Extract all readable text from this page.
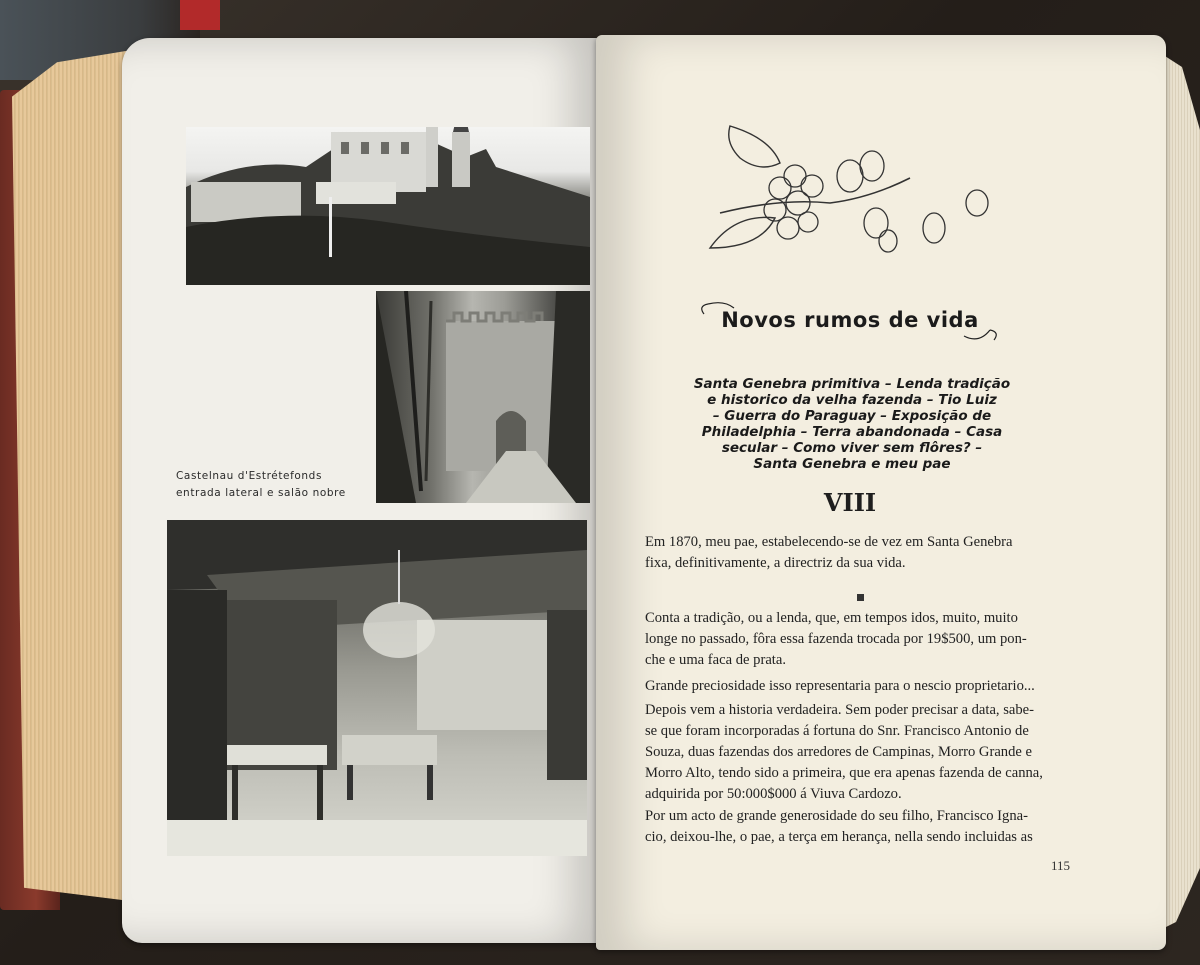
Castelnau d'Estrétefonds
entrada lateral e salão nobre
Novos rumos de vida
Santa Genebra primitiva – Lenda tradição
e historico da velha fazenda – Tio Luiz
– Guerra do Paraguay – Exposição de
Philadelphia – Terra abandonada – Casa
secular – Como viver sem flôres? –
Santa Genebra e meu pae
VIII
Em 1870, meu pae, estabelecendo-se de vez em Santa Genebra
fixa, definitivamente, a directriz da sua vida.
Conta a tradição, ou a lenda, que, em tempos idos, muito, muito
longe no passado, fôra essa fazenda trocada por 19$500, um pon-
che e uma faca de prata.
Grande preciosidade isso representaria para o nescio proprietario...
Depois vem a historia verdadeira. Sem poder precisar a data, sabe-
se que foram incorporadas á fortuna do Snr. Francisco Antonio de
Souza, duas fazendas dos arredores de Campinas, Morro Grande e
Morro Alto, tendo sido a primeira, que era apenas fazenda de canna,
adquirida por 50:000$000 á Viuva Cardozo.
Por um acto de grande generosidade do seu filho, Francisco Igna-
cio, deixou-lhe, o pae, a terça em herança, nella sendo incluidas as
115
